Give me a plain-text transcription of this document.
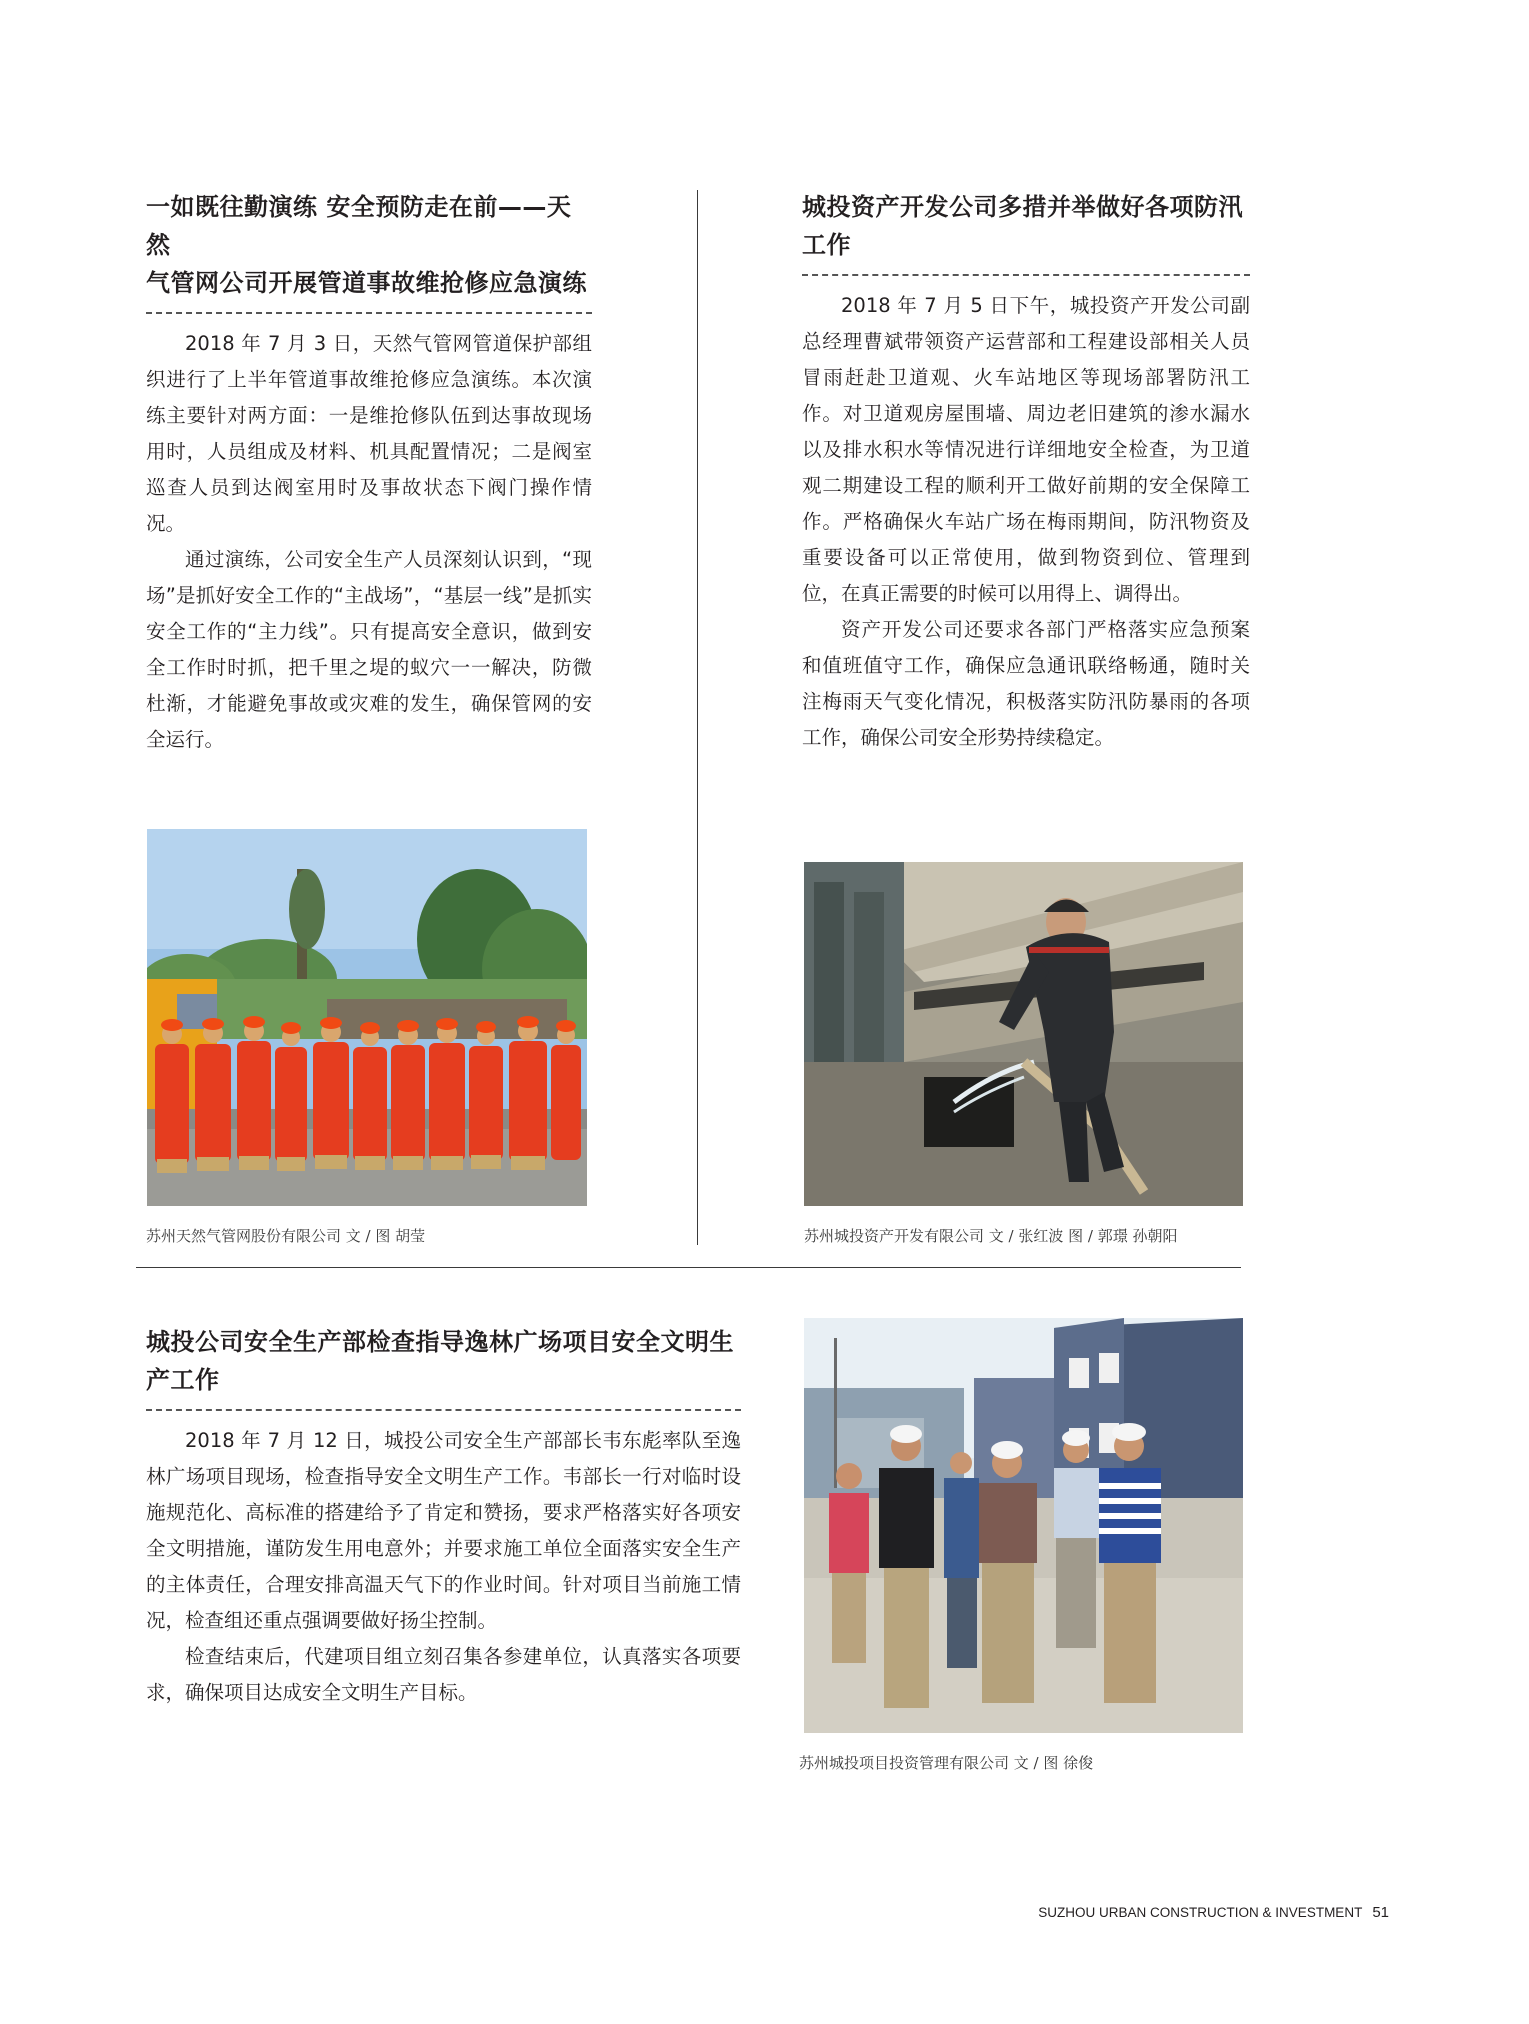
一如既往勤演练 安全预防走在前——天然
气管网公司开展管道事故维抢修应急演练

2018 年 7 月 3 日，天然气管网管道保护部组织进行了上半年管道事故维抢修应急演练。本次演练主要针对两方面：一是维抢修队伍到达事故现场用时，人员组成及材料、机具配置情况；二是阀室巡查人员到达阀室用时及事故状态下阀门操作情况。

通过演练，公司安全生产人员深刻认识到，“现场”是抓好安全工作的“主战场”，“基层一线”是抓实安全工作的“主力线”。只有提高安全意识，做到安全工作时时抓，把千里之堤的蚁穴一一解决，防微杜渐，才能避免事故或灾难的发生，确保管网的安全运行。

苏州天然气管网股份有限公司 文 / 图 胡莹
城投资产开发公司多措并举做好各项防汛
工作

2018 年 7 月 5 日下午，城投资产开发公司副总经理曹斌带领资产运营部和工程建设部相关人员冒雨赶赴卫道观、火车站地区等现场部署防汛工作。对卫道观房屋围墙、周边老旧建筑的渗水漏水以及排水积水等情况进行详细地安全检查，为卫道观二期建设工程的顺利开工做好前期的安全保障工作。严格确保火车站广场在梅雨期间，防汛物资及重要设备可以正常使用，做到物资到位、管理到位，在真正需要的时候可以用得上、调得出。

资产开发公司还要求各部门严格落实应急预案和值班值守工作，确保应急通讯联络畅通，随时关注梅雨天气变化情况，积极落实防汛防暴雨的各项工作，确保公司安全形势持续稳定。

苏州城投资产开发有限公司 文 / 张红波 图 / 郭璟 孙朝阳
城投公司安全生产部检查指导逸林广场项目安全文明生
产工作

2018 年 7 月 12 日，城投公司安全生产部部长韦东彪率队至逸林广场项目现场，检查指导安全文明生产工作。韦部长一行对临时设施规范化、高标准的搭建给予了肯定和赞扬，要求严格落实好各项安全文明措施，谨防发生用电意外；并要求施工单位全面落实安全生产的主体责任，合理安排高温天气下的作业时间。针对项目当前施工情况，检查组还重点强调要做好扬尘控制。

检查结束后，代建项目组立刻召集各参建单位，认真落实各项要求，确保项目达成安全文明生产目标。

苏州城投项目投资管理有限公司 文 / 图 徐俊
SUZHOU URBAN CONSTRUCTION & INVESTMENT 51
